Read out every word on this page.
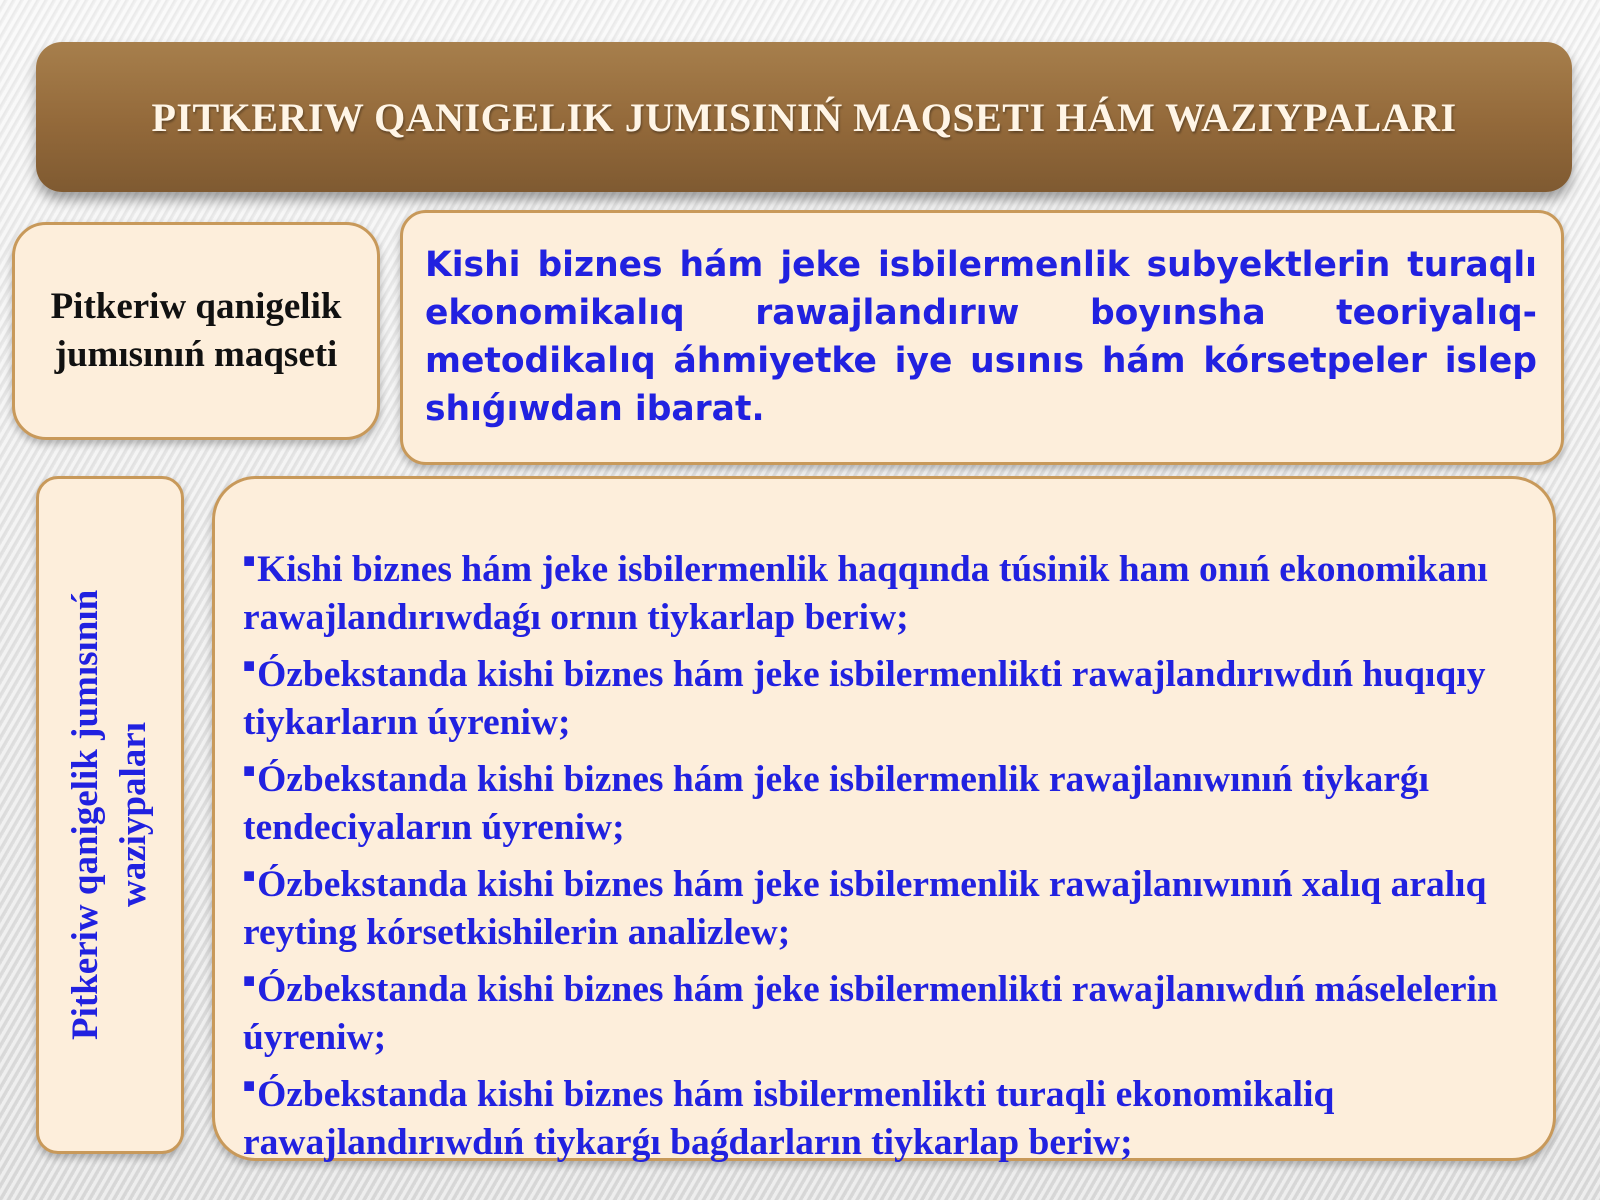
PITKERIW QANIGELIK JUMISINIŃ MAQSETI HÁM WAZIYPALARI
Pitkeriw qanigelik jumısınıń maqseti

Kishi biznes hám jeke isbilermenlik subyektlerin turaqlı ekonomikalıq rawajlandırıw boyınsha teoriyalıq-metodikalıq áhmiyetke iye usınıs hám kórsetpeler islep shıǵıwdan ibarat.

Pitkeriw qanigelik jumısınıń waziypaları
■Kishi biznes hám jeke isbilermenlik haqqında túsinik ham onıń ekonomikanı rawajlandırıwdaǵı ornın tiykarlap beriw;
■Ózbekstanda kishi biznes hám jeke isbilermenlikti rawajlandırıwdıń huqıqıy tiykarların úyreniw;
■Ózbekstanda kishi biznes hám jeke isbilermenlik rawajlanıwınıń tiykarǵı tendeciyaların úyreniw;
■Ózbekstanda kishi biznes hám jeke isbilermenlik rawajlanıwınıń xalıq aralıq reyting kórsetkishilerin analizlew;
■Ózbekstanda kishi biznes hám jeke isbilermenlikti rawajlanıwdıń máselelerin úyreniw;
■Ózbekstanda kishi biznes hám isbilermenlikti turaqli ekonomikaliq rawajlandırıwdıń tiykarǵı baǵdarların tiykarlap beriw;
